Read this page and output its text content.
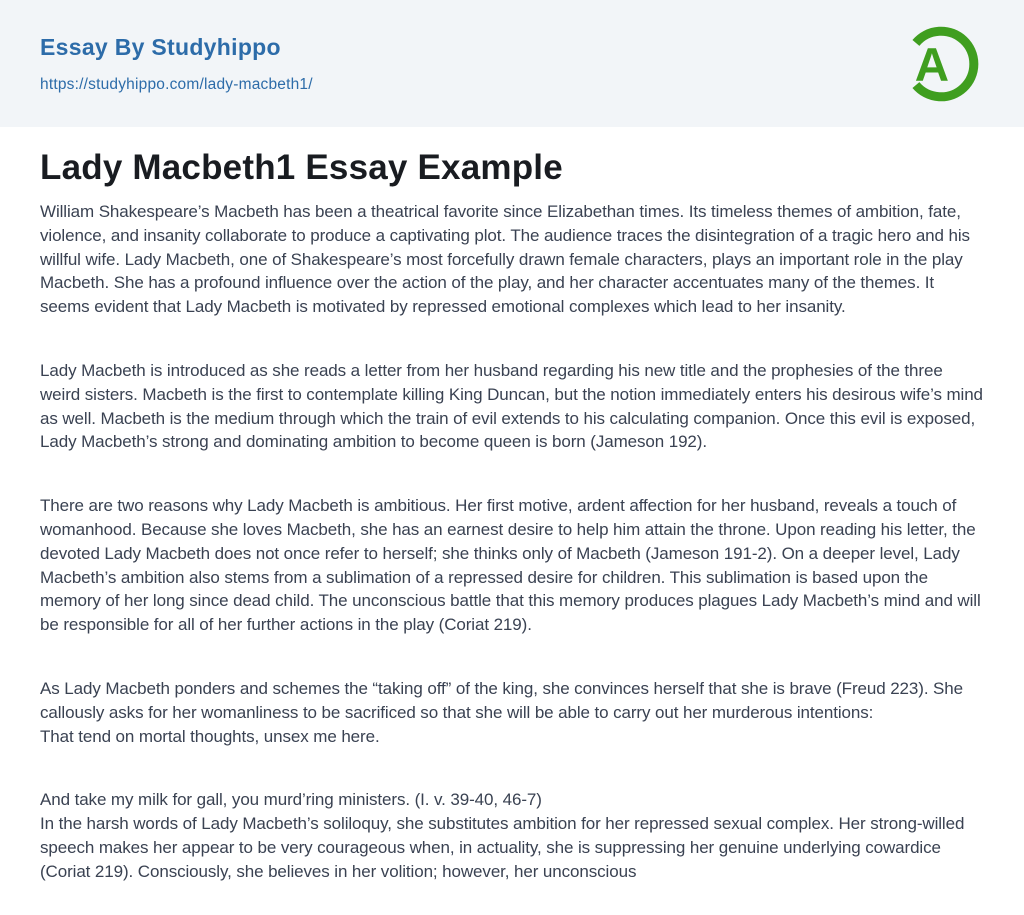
Essay By Studyhippo
https://studyhippo.com/lady-macbeth1/	A
Lady Macbeth1 Essay Example

William Shakespeare’s Macbeth has been a theatrical favorite since Elizabethan times. Its timeless themes of ambition, fate, violence, and insanity collaborate to produce a captivating plot. The audience traces the disintegration of a tragic hero and his willful wife. Lady Macbeth, one of Shakespeare’s most forcefully drawn female characters, plays an important role in the play Macbeth. She has a profound influence over the action of the play, and her character accentuates many of the themes. It seems evident that Lady Macbeth is motivated by repressed emotional complexes which lead to her insanity.

Lady Macbeth is introduced as she reads a letter from her husband regarding his new title and the prophesies of the three weird sisters. Macbeth is the first to contemplate killing King Duncan, but the notion immediately enters his desirous wife’s mind as well. Macbeth is the medium through which the train of evil extends to his calculating companion. Once this evil is exposed, Lady Macbeth’s strong and dominating ambition to become queen is born (Jameson 192).

There are two reasons why Lady Macbeth is ambitious. Her first motive, ardent affection for her husband, reveals a touch of womanhood. Because she loves Macbeth, she has an earnest desire to help him attain the throne. Upon reading his letter, the devoted Lady Macbeth does not once refer to herself; she thinks only of Macbeth (Jameson 191-2). On a deeper level, Lady Macbeth’s ambition also stems from a sublimation of a repressed desire for children. This sublimation is based upon the memory of her long since dead child. The unconscious battle that this memory produces plagues Lady Macbeth’s mind and will be responsible for all of her further actions in the play (Coriat 219).

As Lady Macbeth ponders and schemes the “taking off” of the king, she convinces herself that she is brave (Freud 223). She callously asks for her womanliness to be sacrificed so that she will be able to carry out her murderous intentions:
That tend on mortal thoughts, unsex me here.

And take my milk for gall, you murd’ring ministers. (I. v. 39-40, 46-7)
In the harsh words of Lady Macbeth’s soliloquy, she substitutes ambition for her repressed sexual complex. Her strong-willed speech makes her appear to be very courageous when, in actuality, she is suppressing her genuine underlying cowardice (Coriat 219). Consciously, she believes in her volition; however, her unconscious
